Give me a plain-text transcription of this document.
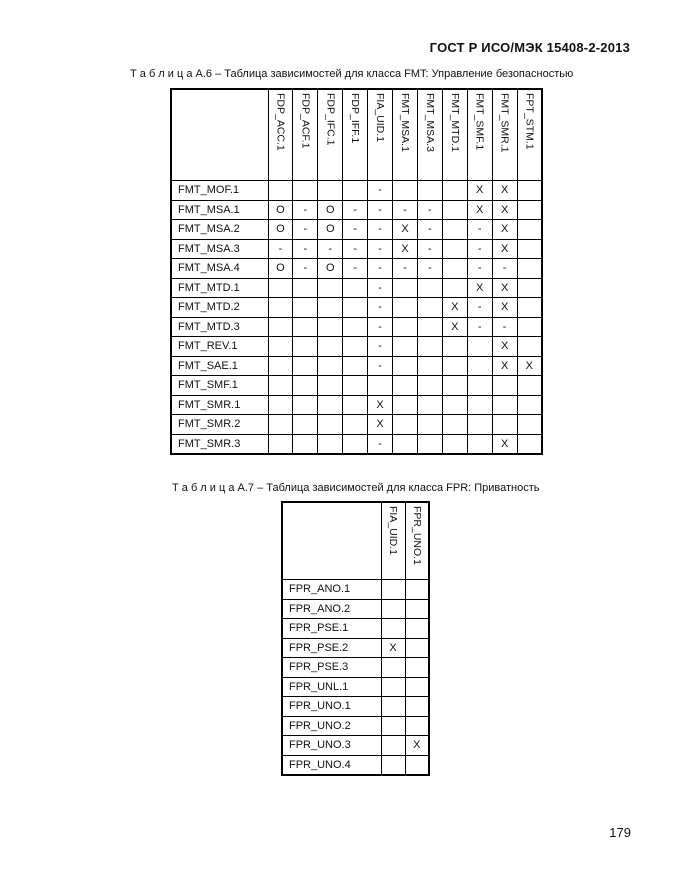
ГОСТ Р ИСО/МЭК 15408-2-2013
Т а б л и ц а А.6 – Таблица зависимостей для класса FMT: Управление безопасностью
	FDP_ACC.1	FDP_ACF.1	FDP_IFC.1	FDP_IFF.1	FIA_UID.1	FMT_MSA.1	FMT_MSA.3	FMT_MTD.1	FMT_SMF.1	FMT_SMR.1	FPT_STM.1
FMT_MOF.1					-				X	X	
FMT_MSA.1	O	-	O	-	-	-	-		X	X	
FMT_MSA.2	O	-	O	-	-	X	-		-	X	
FMT_MSA.3	-	-	-	-	-	X	-		-	X	
FMT_MSA.4	O	-	O	-	-	-	-		-	-	
FMT_MTD.1					-				X	X	
FMT_MTD.2					-			X	-	X	
FMT_MTD.3					-			X	-	-	
FMT_REV.1					-					X	
FMT_SAE.1					-					X	X
FMT_SMF.1											
FMT_SMR.1					X						
FMT_SMR.2					X						
FMT_SMR.3					-					X	
Т а б л и ц а А.7 – Таблица зависимостей для класса FPR: Приватность
	FIA_UID.1	FPR_UNO.1
FPR_ANO.1		
FPR_ANO.2		
FPR_PSE.1		
FPR_PSE.2	X	
FPR_PSE.3		
FPR_UNL.1		
FPR_UNO.1		
FPR_UNO.2		
FPR_UNO.3		X
FPR_UNO.4		
179
